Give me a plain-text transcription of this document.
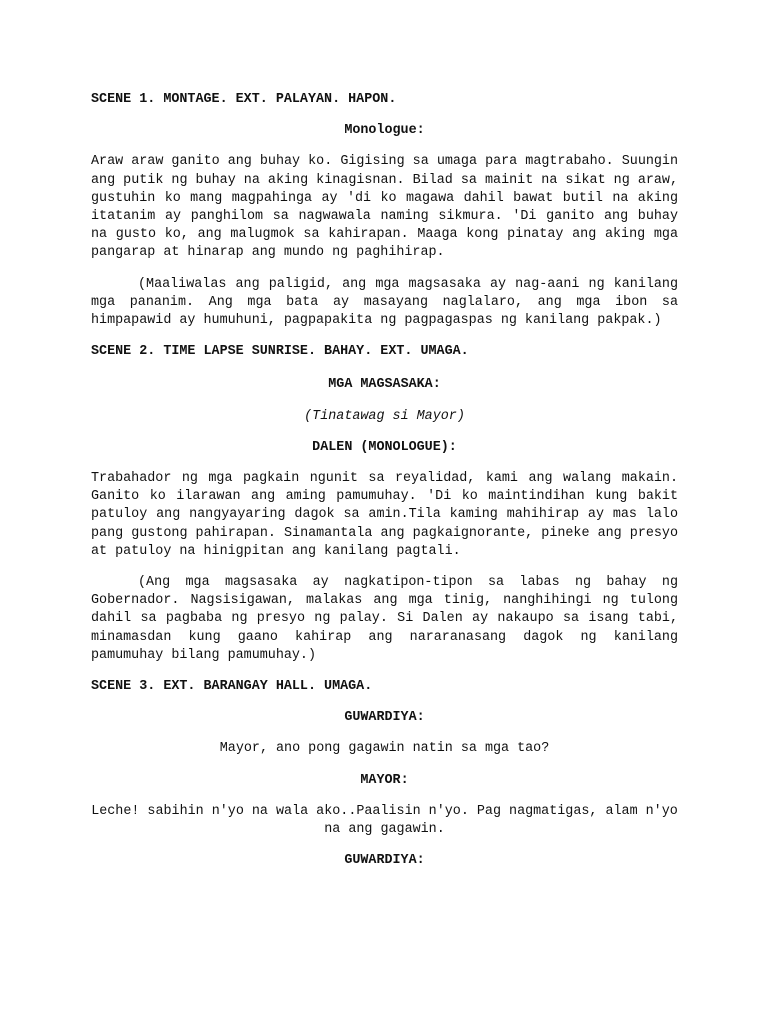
SCENE 1. MONTAGE. EXT. PALAYAN. HAPON.

Monologue:

Araw araw ganito ang buhay ko. Gigising sa umaga para magtrabaho. Suungin ang putik ng buhay na aking kinagisnan. Bilad sa mainit na sikat ng araw, gustuhin ko mang magpahinga ay 'di ko magawa dahil bawat butil na aking itatanim ay panghilom sa nagwawala naming sikmura. 'Di ganito ang buhay na gusto ko, ang malugmok sa kahirapan. Maaga kong pinatay ang aking mga pangarap at hinarap ang mundo ng paghihirap.

(Maaliwalas ang paligid, ang mga magsasaka ay nag-aani ng kanilang mga pananim. Ang mga bata ay masayang naglalaro, ang mga ibon sa himpapawid ay humuhuni, pagpapakita ng pagpagaspas ng kanilang pakpak.)

SCENE 2. TIME LAPSE SUNRISE. BAHAY. EXT. UMAGA.

MGA MAGSASAKA:

(Tinatawag si Mayor)

DALEN (MONOLOGUE):

Trabahador ng mga pagkain ngunit sa reyalidad, kami ang walang makain. Ganito ko ilarawan ang aming pamumuhay. 'Di ko maintindihan kung bakit patuloy ang nangyayaring dagok sa amin.Tila kaming mahihirap ay mas lalo pang gustong pahirapan. Sinamantala ang pagkaignorante, pineke ang presyo at patuloy na hinigpitan ang kanilang pagtali.

(Ang mga magsasaka ay nagkatipon-tipon sa labas ng bahay ng Gobernador. Nagsisigawan, malakas ang mga tinig, nanghihingi ng tulong dahil sa pagbaba ng presyo ng palay. Si Dalen ay nakaupo sa isang tabi, minamasdan kung gaano kahirap ang nararanasang dagok ng kanilang pamumuhay bilang pamumuhay.)

SCENE 3. EXT. BARANGAY HALL. UMAGA.

GUWARDIYA:

Mayor, ano pong gagawin natin sa mga tao?

MAYOR:

Leche! sabihin n'yo na wala ako..Paalisin n'yo. Pag nagmatigas, alam n'yo na ang gagawin.

GUWARDIYA:
